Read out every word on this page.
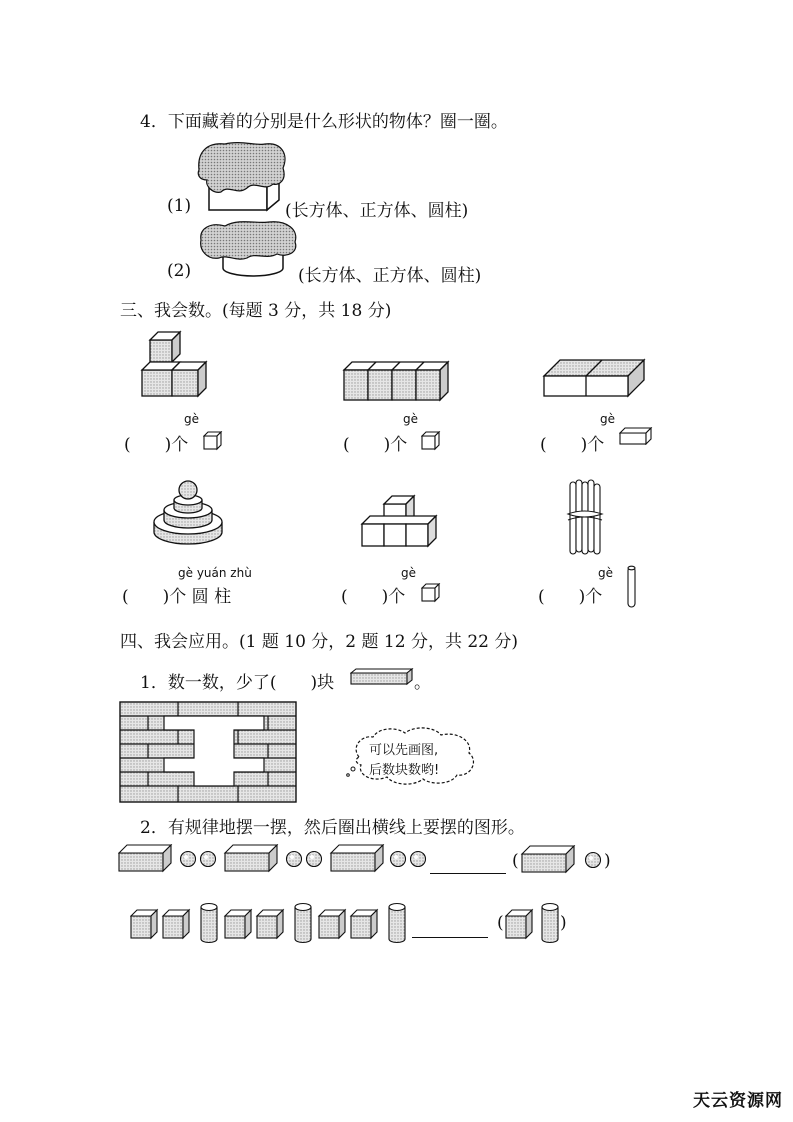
4．下面藏着的分别是什么形状的物体？圈一圈。
(1)	(长方体、正方体、圆柱)
(2)	(长方体、正方体、圆柱)
三、我会数。(每题 3 分，共 18 分)
gè
(　　)个
gè
(　　)个
gè
(　　)个
gè yuán zhù
(　　)个 圆 柱
gè
(　　)个
gè
(　　)个
四、我会应用。(1 题 10 分，2 题 12 分，共 22 分)
1．数一数，少了(　　)块	。
可以先画图,
后数块数哟!
2．有规律地摆一摆，然后圈出横线上要摆的图形。
(	)
(	)
天云资源网
